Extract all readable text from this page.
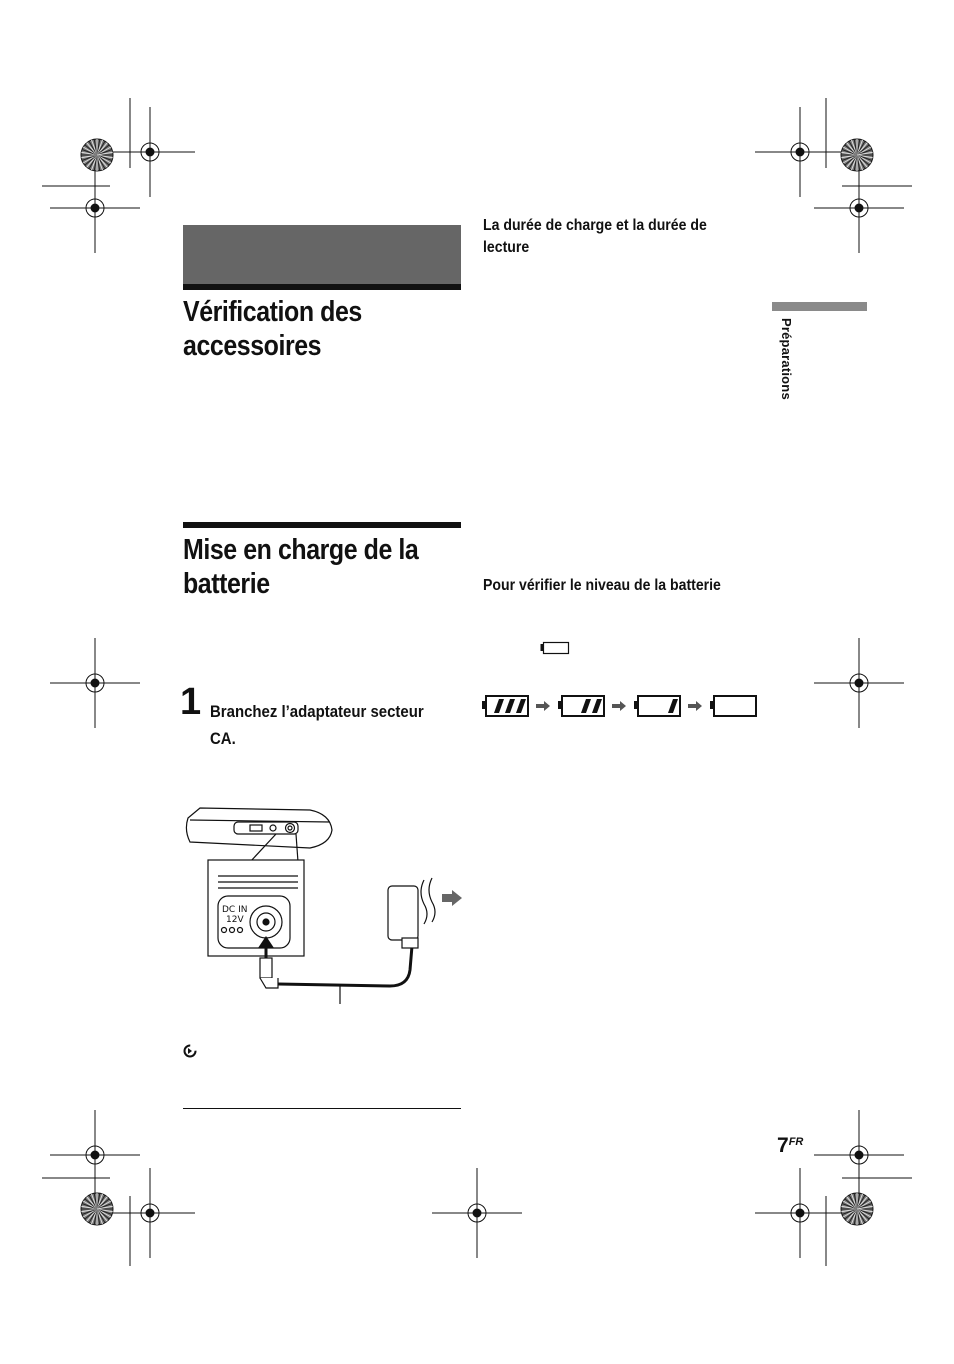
Vérification des
accessoires
Mise en charge de la
batterie
1 Branchez l’adaptateur secteur
CA.
DC IN
12V
La durée de charge et la durée de
lecture
Pour vérifier le niveau de la batterie
Préparations
$7^{FR}$
